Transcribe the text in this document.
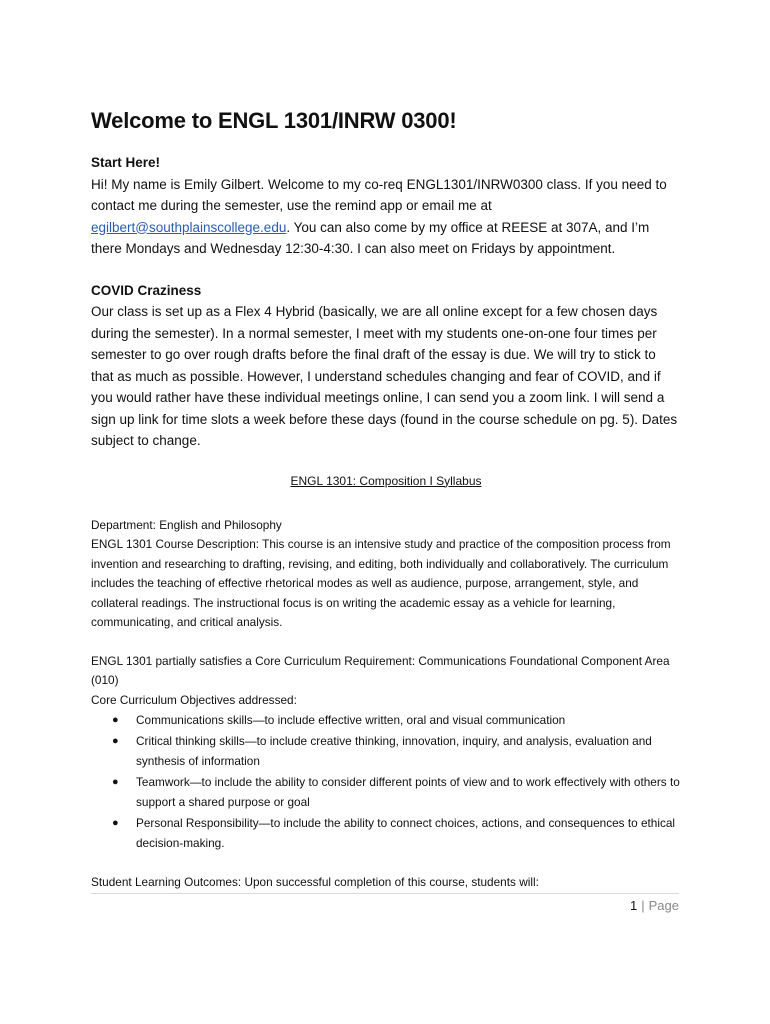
Welcome to ENGL 1301/INRW 0300!

Start Here!

Hi! My name is Emily Gilbert. Welcome to my co-req ENGL1301/INRW0300 class. If you need to contact me during the semester, use the remind app or email me at egilbert@southplainscollege.edu. You can also come by my office at REESE at 307A, and I’m there Mondays and Wednesday 12:30-4:30. I can also meet on Fridays by appointment.

COVID Craziness

Our class is set up as a Flex 4 Hybrid (basically, we are all online except for a few chosen days during the semester). In a normal semester, I meet with my students one-on-one four times per semester to go over rough drafts before the final draft of the essay is due. We will try to stick to that as much as possible. However, I understand schedules changing and fear of COVID, and if you would rather have these individual meetings online, I can send you a zoom link. I will send a sign up link for time slots a week before these days (found in the course schedule on pg. 5). Dates subject to change.

ENGL 1301: Composition I Syllabus

Department: English and Philosophy

ENGL 1301 Course Description: This course is an intensive study and practice of the composition process from invention and researching to drafting, revising, and editing, both individually and collaboratively. The curriculum includes the teaching of effective rhetorical modes as well as audience, purpose, arrangement, style, and collateral readings. The instructional focus is on writing the academic essay as a vehicle for learning, communicating, and critical analysis.

ENGL 1301 partially satisfies a Core Curriculum Requirement: Communications Foundational Component Area (010)

Core Curriculum Objectives addressed:

● Communications skills—to include effective written, oral and visual communication
● Critical thinking skills—to include creative thinking, innovation, inquiry, and analysis, evaluation and synthesis of information
● Teamwork—to include the ability to consider different points of view and to work effectively with others to support a shared purpose or goal
● Personal Responsibility—to include the ability to connect choices, actions, and consequences to ethical decision-making.

Student Learning Outcomes: Upon successful completion of this course, students will:

1 | Page
